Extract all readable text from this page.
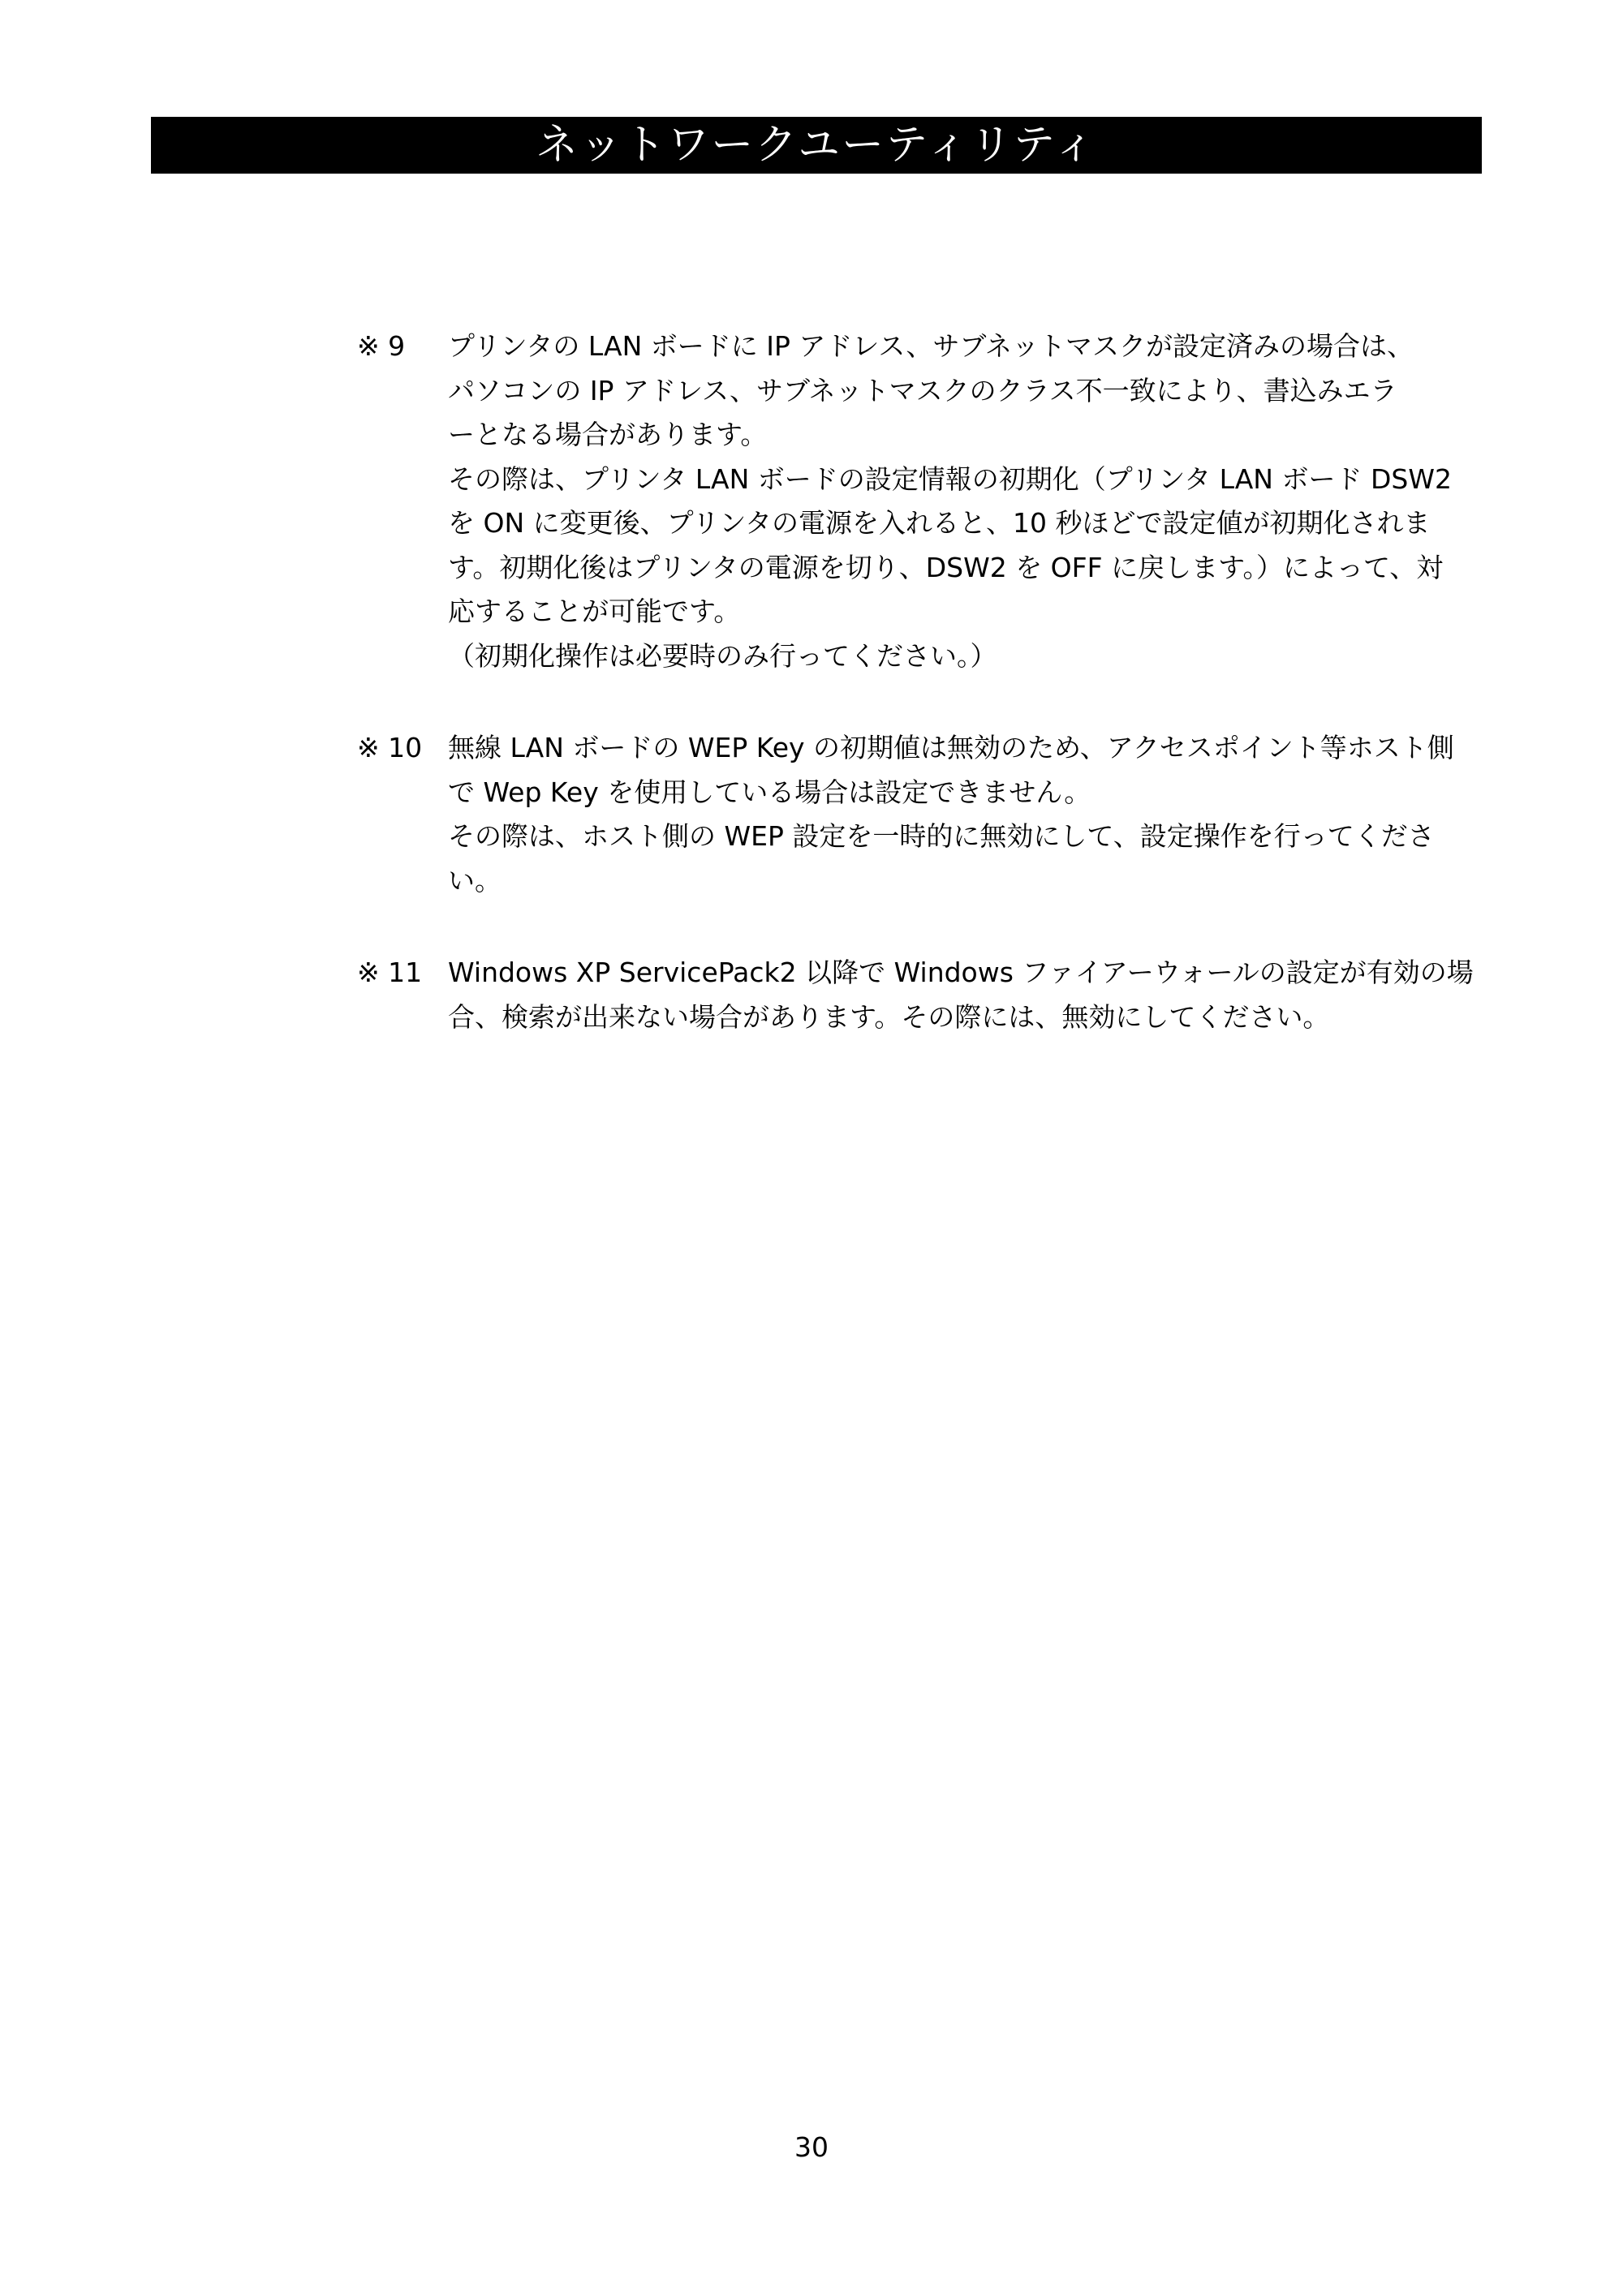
ネットワークユーティリティ
※ 9	プリンタの LAN ボードに IP アドレス、サブネットマスクが設定済みの場合は、
パソコンの IP アドレス、サブネットマスクのクラス不一致により、書込みエラ
ーとなる場合があります。
その際は、プリンタ LAN ボードの設定情報の初期化（プリンタ LAN ボード DSW2
を ON に変更後、プリンタの電源を入れると、10 秒ほどで設定値が初期化されま
す。初期化後はプリンタの電源を切り、DSW2 を OFF に戻します。）によって、対
応することが可能です。
（初期化操作は必要時のみ行ってください。）
※ 10 無線 LAN ボードの WEP Key の初期値は無効のため、アクセスポイント等ホスト側
で Wep Key を使用している場合は設定できません。
その際は、ホスト側の WEP 設定を一時的に無効にして、設定操作を行ってくださ
い。
※ 11 Windows XP ServicePack2 以降で Windows ファイアーウォールの設定が有効の場
合、検索が出来ない場合があります。その際には、無効にしてください。
30
